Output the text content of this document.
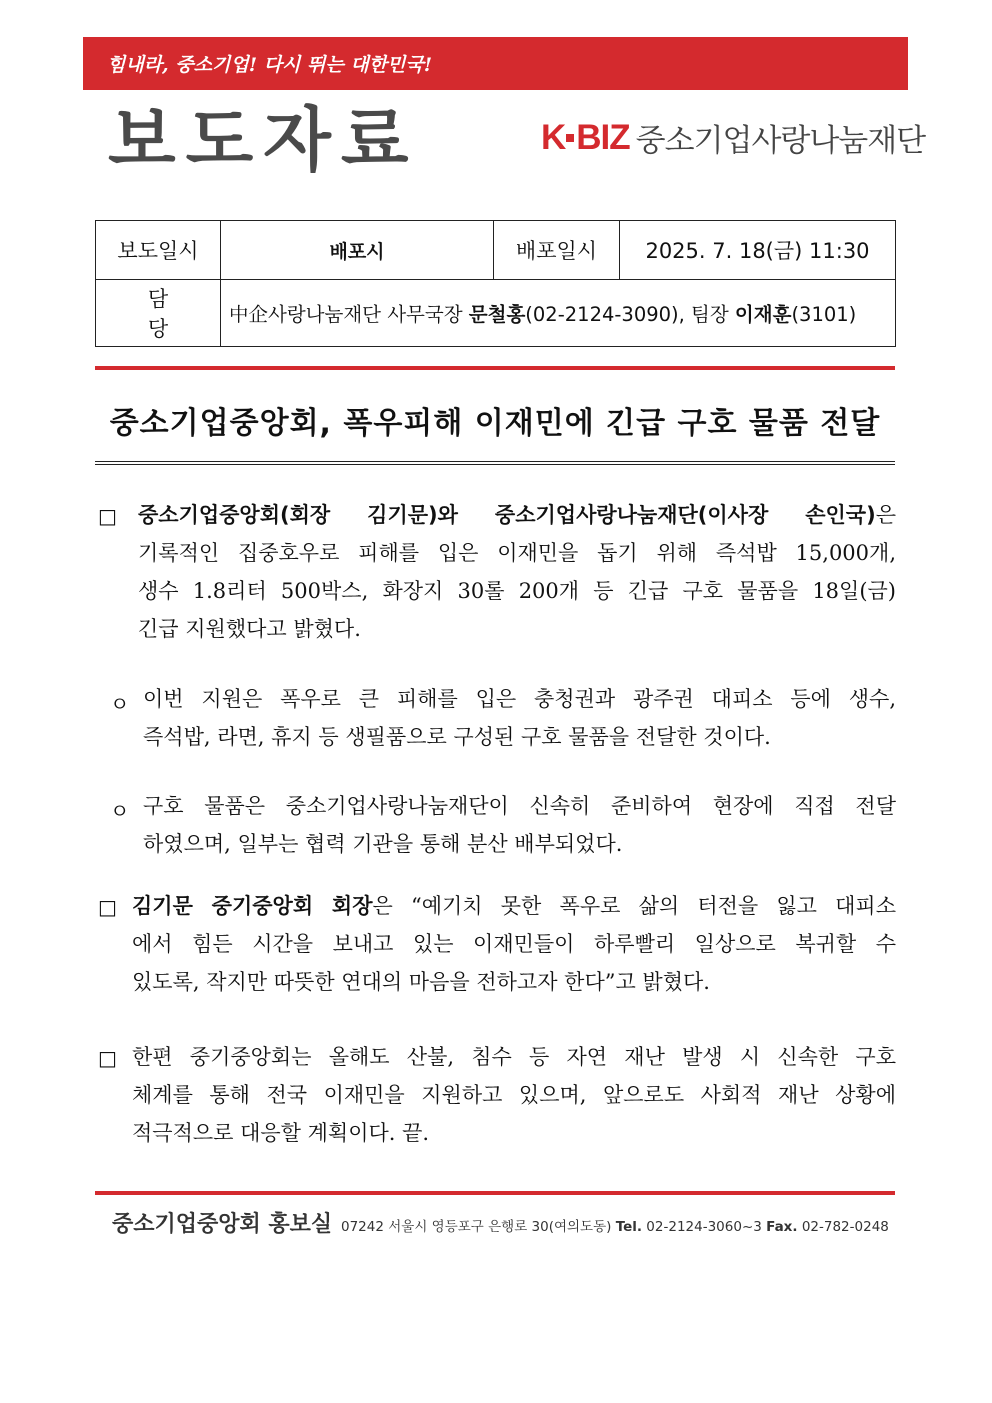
힘내라, 중소기업! 다시 뛰는 대한민국!
보도자료	K BIZ 중소기업사랑나눔재단
보도일시	배포시	배포일시	2025. 7. 18(금) 11:30
담당	中企사랑나눔재단 사무국장 문철홍(02-2124-3090), 팀장 이재훈(3101)		
중소기업중앙회, 폭우피해 이재민에 긴급 구호 물품 전달
□ 중소기업중앙회(회장 김기문)와 중소기업사랑나눔재단(이사장 손인국)은
기록적인 집중호우로 피해를 입은 이재민을 돕기 위해 즉석밥 15,000개,
생수 1.8리터 500박스, 화장지 30롤 200개 등 긴급 구호 물품을 18일(금)
긴급 지원했다고 밝혔다.
ㅇ 이번 지원은 폭우로 큰 피해를 입은 충청권과 광주권 대피소 등에 생수,
즉석밥, 라면, 휴지 등 생필품으로 구성된 구호 물품을 전달한 것이다.
ㅇ 구호 물품은 중소기업사랑나눔재단이 신속히 준비하여 현장에 직접 전달
하였으며, 일부는 협력 기관을 통해 분산 배부되었다.
□ 김기문 중기중앙회 회장은 “예기치 못한 폭우로 삶의 터전을 잃고 대피소
에서 힘든 시간을 보내고 있는 이재민들이 하루빨리 일상으로 복귀할 수
있도록, 작지만 따뜻한 연대의 마음을 전하고자 한다”고 밝혔다.
□ 한편 중기중앙회는 올해도 산불, 침수 등 자연 재난 발생 시 신속한 구호
체계를 통해 전국 이재민을 지원하고 있으며, 앞으로도 사회적 재난 상황에
적극적으로 대응할 계획이다. 끝.
중소기업중앙회 홍보실 07242 서울시 영등포구 은행로 30(여의도동) Tel. 02-2124-3060~3 Fax. 02-782-0248
